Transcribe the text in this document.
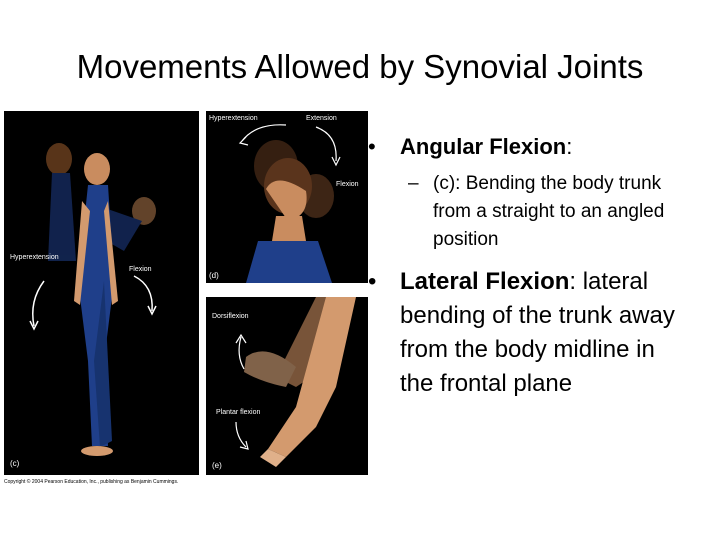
Movements Allowed by Synovial Joints
Hyperextension
Flexion
(c)
Hyperextension	Extension
Flexion
(d)
Dorsiflexion
Plantar flexion
(e)
Copyright © 2004 Pearson Education, Inc., publishing as Benjamin Cummings.
• Angular Flexion:
– (c): Bending the body trunk from a straight to an angled position
• Lateral Flexion: lateral bending of the trunk away from the body midline in the frontal plane
